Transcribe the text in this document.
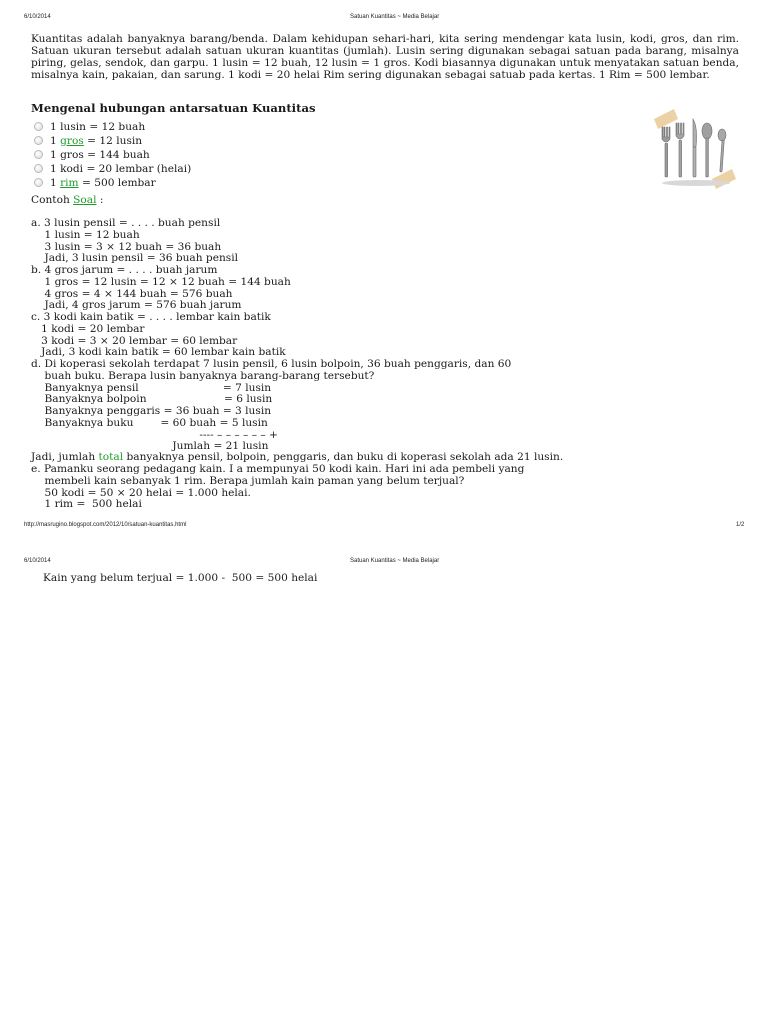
6/10/2014	Satuan Kuantitas ~ Media Belajar

Kuantitas adalah banyaknya barang/benda. Dalam kehidupan sehari-hari, kita sering mendengar kata lusin, kodi, gros, dan rim. Satuan ukuran tersebut adalah satuan ukuran kuantitas (jumlah). Lusin sering digunakan sebagai satuan pada barang, misalnya piring, gelas, sendok, dan garpu. 1 lusin = 12 buah, 12 lusin = 1 gros. Kodi biasannya digunakan untuk menyatakan satuan benda, misalnya kain, pakaian, dan sarung. 1 kodi = 20 helai Rim sering digunakan sebagai satuab pada kertas. 1 Rim = 500 lembar.

Mengenal hubungan antarsatuan Kuantitas
1 lusin = 12 buah
1 gros = 12 lusin
1 gros = 144 buah
1 kodi = 20 lembar (helai)
1 rim = 500 lembar
Contoh Soal :
a. 3 lusin pensil = . . . . buah pensil
1 lusin = 12 buah
3 lusin = 3 × 12 buah = 36 buah
Jadi, 3 lusin pensil = 36 buah pensil
b. 4 gros jarum = . . . . buah jarum
1 gros = 12 lusin = 12 × 12 buah = 144 buah
4 gros = 4 × 144 buah = 576 buah
Jadi, 4 gros jarum = 576 buah jarum
c. 3 kodi kain batik = . . . . lembar kain batik
1 kodi = 20 lembar
3 kodi = 3 × 20 lembar = 60 lembar
Jadi, 3 kodi kain batik = 60 lembar kain batik
d. Di koperasi sekolah terdapat 7 lusin pensil, 6 lusin bolpoin, 36 buah penggaris, dan 60
buah buku. Berapa lusin banyaknya barang-barang tersebut?
Banyaknya pensil                         = 7 lusin
Banyaknya bolpoin                       = 6 lusin
Banyaknya penggaris = 36 buah = 3 lusin
Banyaknya buku        = 60 buah = 5 lusin
---- – – – – – – +
Jumlah = 21 lusin
Jadi, jumlah total banyaknya pensil, bolpoin, penggaris, dan buku di koperasi sekolah ada 21 lusin.
e. Pamanku seorang pedagang kain. I a mempunyai 50 kodi kain. Hari ini ada pembeli yang
membeli kain sebanyak 1 rim. Berapa jumlah kain paman yang belum terjual?
50 kodi = 50 × 20 helai = 1.000 helai.
1 rim =  500 helai
http://masrugino.blogspot.com/2012/10/satuan-kuantitas.html	1/2
6/10/2014	Satuan Kuantitas ~ Media Belajar
Kain yang belum terjual = 1.000 -  500 = 500 helai
